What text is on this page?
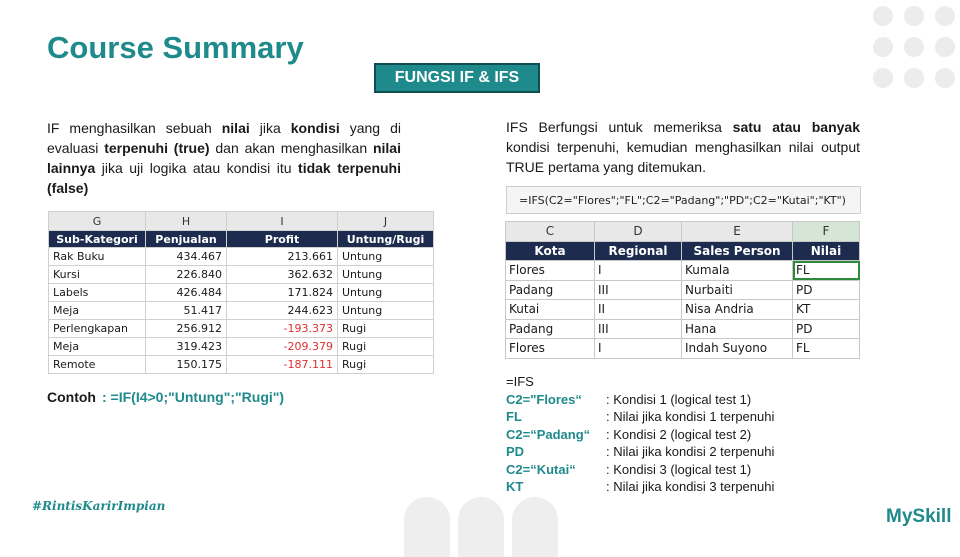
Course Summary
FUNGSI IF & IFS

IF menghasilkan sebuah nilai jika kondisi yang di evaluasi terpenuhi (true) dan akan menghasilkan nilai lainnya jika uji logika atau kondisi itu tidak terpenuhi (false)

IFS Berfungsi untuk memeriksa satu atau banyak kondisi terpenuhi, kemudian menghasilkan nilai output TRUE pertama yang ditemukan.

G	H	I	J
Sub-Kategori	Penjualan	Profit	Untung/Rugi
Rak Buku	434.467	213.661	Untung
Kursi	226.840	362.632	Untung
Labels	426.484	171.824	Untung
Meja	51.417	244.623	Untung
Perlengkapan	256.912	-193.373	Rugi
Meja	319.423	-209.379	Rugi
Remote	150.175	-187.111	Rugi
Contoh : =IF(I4>0;"Untung";"Rugi")
=IFS(C2="Flores";"FL";C2="Padang";"PD";C2="Kutai";"KT")
C	D	E	F
Kota	Regional	Sales Person	Nilai
Flores	I	Kumala	FL
Padang	III	Nurbaiti	PD
Kutai	II	Nisa Andria	KT
Padang	III	Hana	PD
Flores	I	Indah Suyono	FL
=IFS
C2="Flores“	: Kondisi 1 (logical test 1)
FL	: Nilai jika kondisi 1 terpenuhi
C2=“Padang“	: Kondisi 2 (logical test 2)
PD	: Nilai jika kondisi 2 terpenuhi
C2=“Kutai“	: Kondisi 3 (logical test 1)
KT	: Nilai jika kondisi 3 terpenuhi
#RintisKarirImpian	MySkill
